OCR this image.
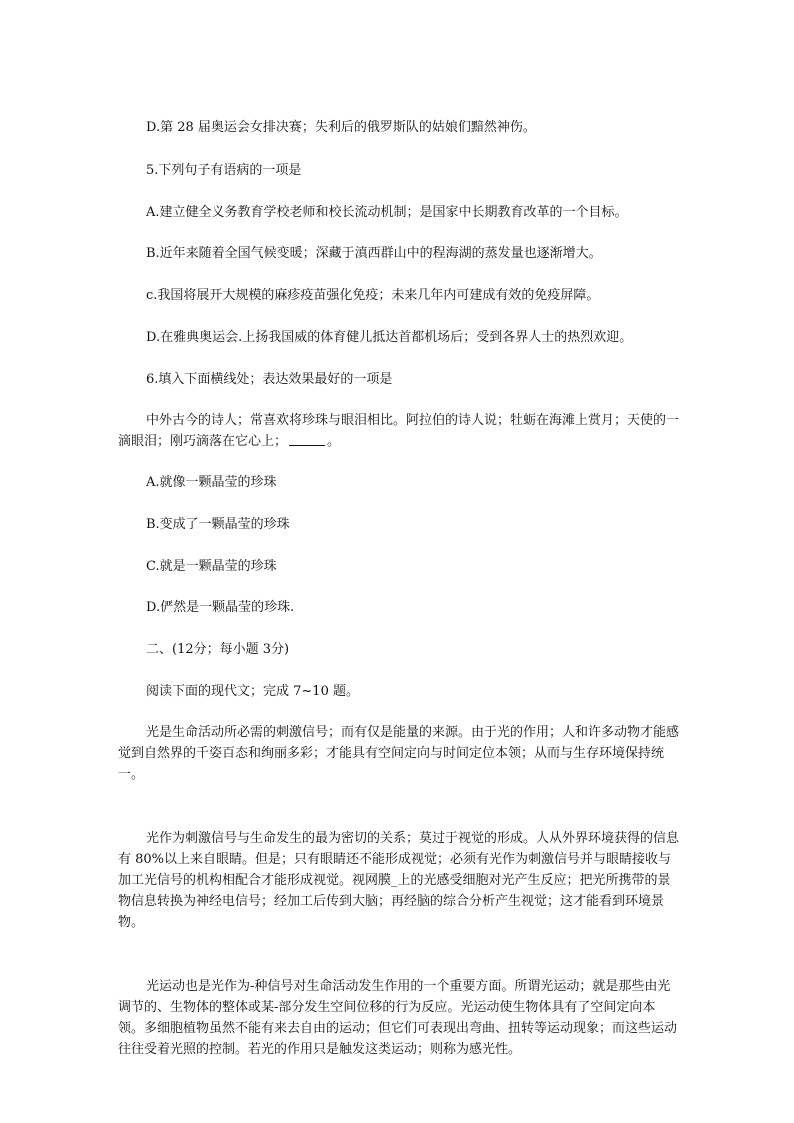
D.第 28 届奥运会女排决赛；失利后的俄罗斯队的姑娘们黯然神伤。
5.下列句子有语病的一项是
A.建立健全义务教育学校老师和校长流动机制；是国家中长期教育改革的一个目标。
B.近年来随着全国气候变暖；深藏于滇西群山中的程海湖的蒸发量也逐渐增大。
c.我国将展开大规模的麻疹疫苗强化免疫；未来几年内可建成有效的免疫屏障。
D.在雅典奥运会.上扬我国威的体育健儿抵达首都机场后；受到各界人士的热烈欢迎。
6.填入下面横线处；表达效果最好的一项是
中外古今的诗人；常喜欢将珍珠与眼泪相比。阿拉伯的诗人说；牡蛎在海滩上赏月；天使的一滴眼泪；刚巧滴落在它心上；	。
A.就像一颗晶莹的珍珠
B.变成了一颗晶莹的珍珠
C.就是一颗晶莹的珍珠
D.俨然是一颗晶莹的珍珠.
二、(12分；每小题 3分)
阅读下面的现代文；完成 7~10 题。
光是生命活动所必需的刺激信号；而有仅是能量的来源。由于光的作用；人和许多动物才能感觉到自然界的千姿百态和绚丽多彩；才能具有空间定向与时间定位本领；从而与生存环境保持统一。
光作为刺激信号与生命发生的最为密切的关系；莫过于视觉的形成。人从外界环境获得的信息有 80%以上来自眼睛。但是；只有眼睛还不能形成视觉；必须有光作为刺激信号并与眼睛接收与加工光信号的机构相配合才能形成视觉。视网膜_上的光感受细胞对光产生反应；把光所携带的景物信息转换为神经电信号；经加工后传到大脑；再经脑的综合分析产生视觉；这才能看到环境景物。
光运动也是光作为-种信号对生命活动发生作用的一个重要方面。所谓光运动；就是那些由光调节的、生物体的整体或某-部分发生空间位移的行为反应。光运动使生物体具有了空间定向本领。多细胞植物虽然不能有来去自由的运动；但它们可表现出弯曲、扭转等运动现象；而这些运动往往受着光照的控制。若光的作用只是触发这类运动；则称为感光性。
